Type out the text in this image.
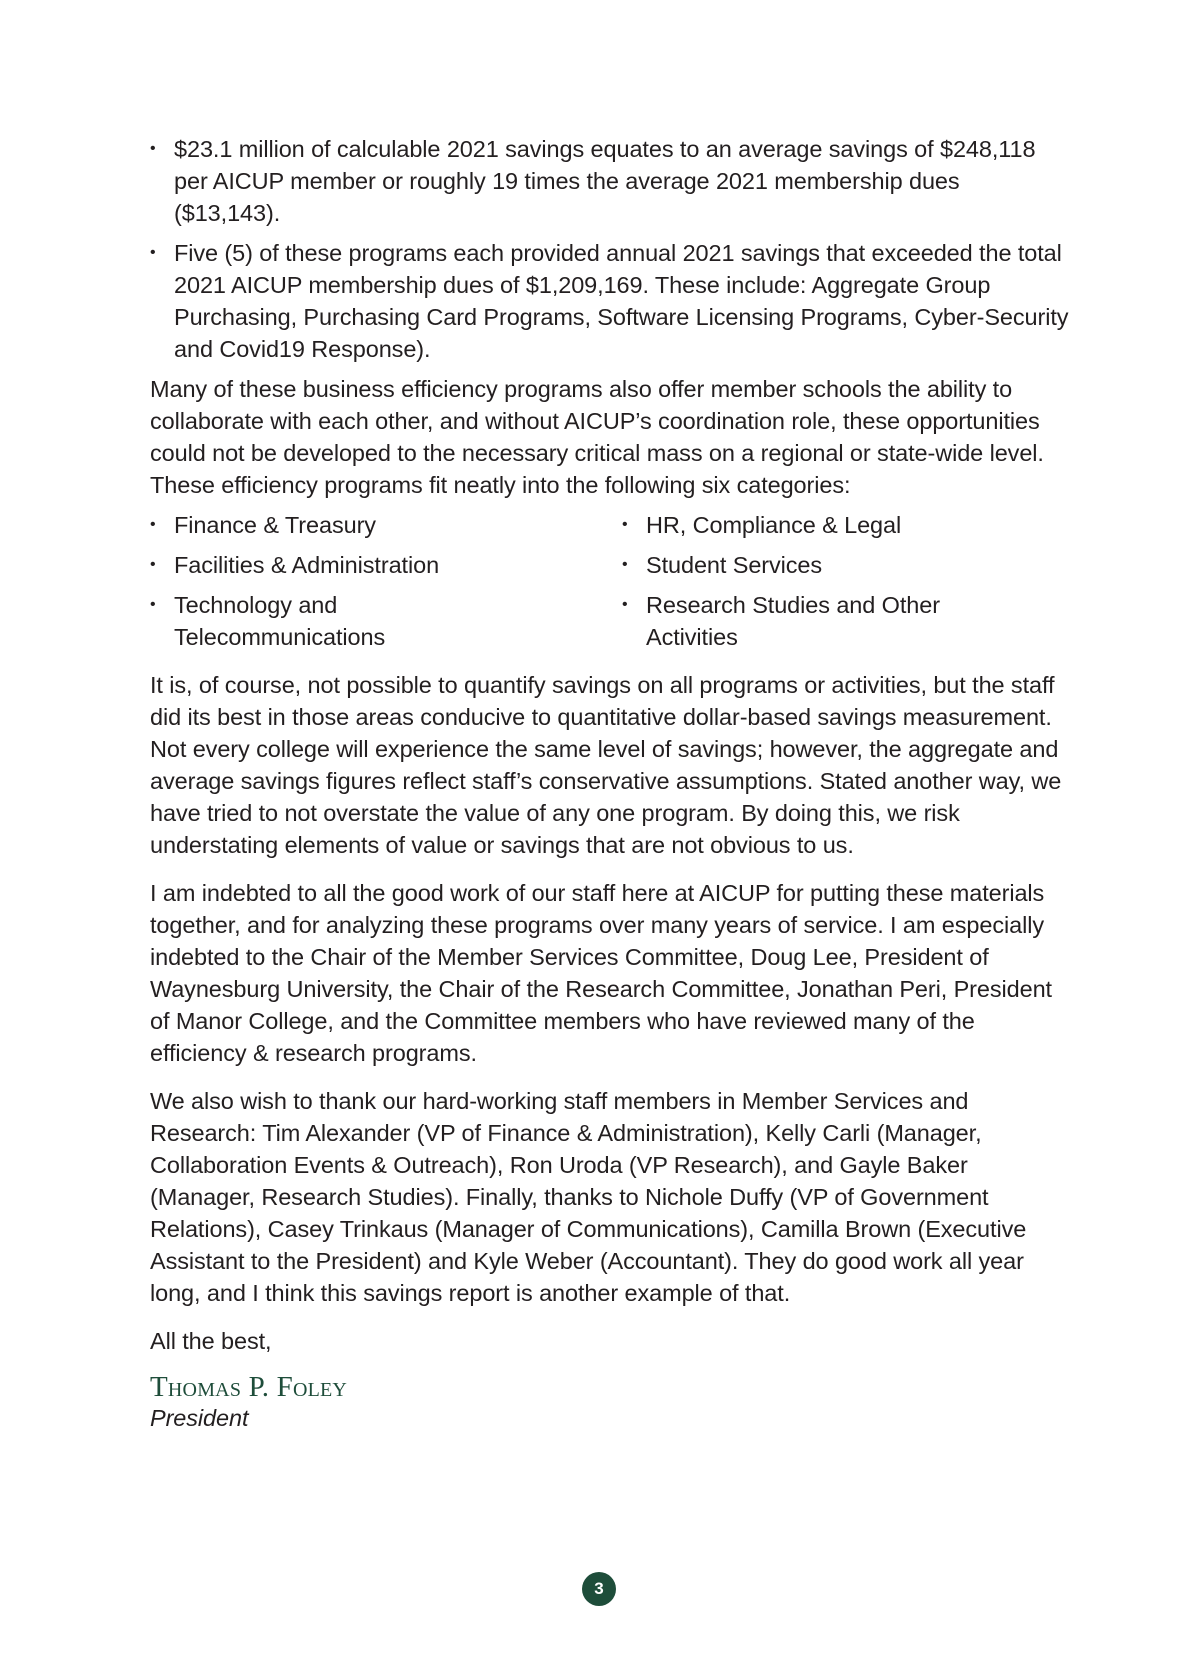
• $23.1 million of calculable 2021 savings equates to an average savings of $248,118 per AICUP member or roughly 19 times the average 2021 membership dues ($13,143).
• Five (5) of these programs each provided annual 2021 savings that exceeded the total 2021 AICUP membership dues of $1,209,169. These include: Aggregate Group Purchasing, Purchasing Card Programs, Software Licensing Programs, Cyber-Security and Covid19 Response).

Many of these business efficiency programs also offer member schools the ability to collaborate with each other, and without AICUP’s coordination role, these opportunities could not be developed to the necessary critical mass on a regional or state-wide level. These efficiency programs fit neatly into the following six categories:

• Finance & Treasury
• Facilities & Administration
• Technology and Telecommunications
• HR, Compliance & Legal
• Student Services
• Research Studies and Other Activities

It is, of course, not possible to quantify savings on all programs or activities, but the staff did its best in those areas conducive to quantitative dollar-based savings measurement. Not every college will experience the same level of savings; however, the aggregate and average savings figures reflect staff’s conservative assumptions. Stated another way, we have tried to not overstate the value of any one program. By doing this, we risk understating elements of value or savings that are not obvious to us.

I am indebted to all the good work of our staff here at AICUP for putting these materials together, and for analyzing these programs over many years of service. I am especially indebted to the Chair of the Member Services Committee, Doug Lee, President of Waynesburg University, the Chair of the Research Committee, Jonathan Peri, President of Manor College, and the Committee members who have reviewed many of the efficiency & research programs.

We also wish to thank our hard-working staff members in Member Services and Research: Tim Alexander (VP of Finance & Administration), Kelly Carli (Manager, Collaboration Events & Outreach), Ron Uroda (VP Research), and Gayle Baker (Manager, Research Studies). Finally, thanks to Nichole Duffy (VP of Government Relations), Casey Trinkaus (Manager of Communications), Camilla Brown (Executive Assistant to the President) and Kyle Weber (Accountant). They do good work all year long, and I think this savings report is another example of that.

All the best,

Thomas P. Foley

President

3
